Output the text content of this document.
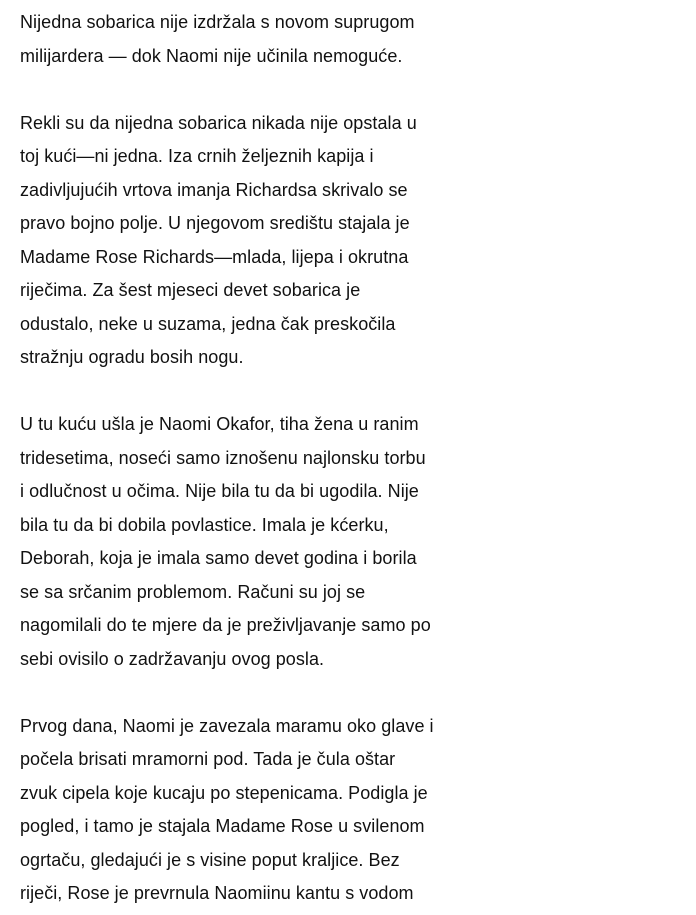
Nijedna sobarica nije izdržala s novom suprugom
milijardera — dok Naomi nije učinila nemoguće.

Rekli su da nijedna sobarica nikada nije opstala u
toj kući—ni jedna. Iza crnih željeznih kapija i
zadivljujućih vrtova imanja Richardsa skrivalo se
pravo bojno polje. U njegovom središtu stajala je
Madame Rose Richards—mlada, lijepa i okrutna
riječima. Za šest mjeseci devet sobarica je
odustalo, neke u suzama, jedna čak preskočila
stražnju ogradu bosih nogu.

U tu kuću ušla je Naomi Okafor, tiha žena u ranim
tridesetima, noseći samo iznošenu najlonsku torbu
i odlučnost u očima. Nije bila tu da bi ugodila. Nije
bila tu da bi dobila povlastice. Imala je kćerku,
Deborah, koja je imala samo devet godina i borila
se sa srčanim problemom. Računi su joj se
nagomilali do te mjere da je preživljavanje samo po
sebi ovisilo o zadržavanju ovog posla.

Prvog dana, Naomi je zavezala maramu oko glave i
počela brisati mramorni pod. Tada je čula oštar
zvuk cipela koje kucaju po stepenicama. Podigla je
pogled, i tamo je stajala Madame Rose u svilenom
ogrtaču, gledajući je s visine poput kraljice. Bez
riječi, Rose je prevrnula Naomiinu kantu s vodom
